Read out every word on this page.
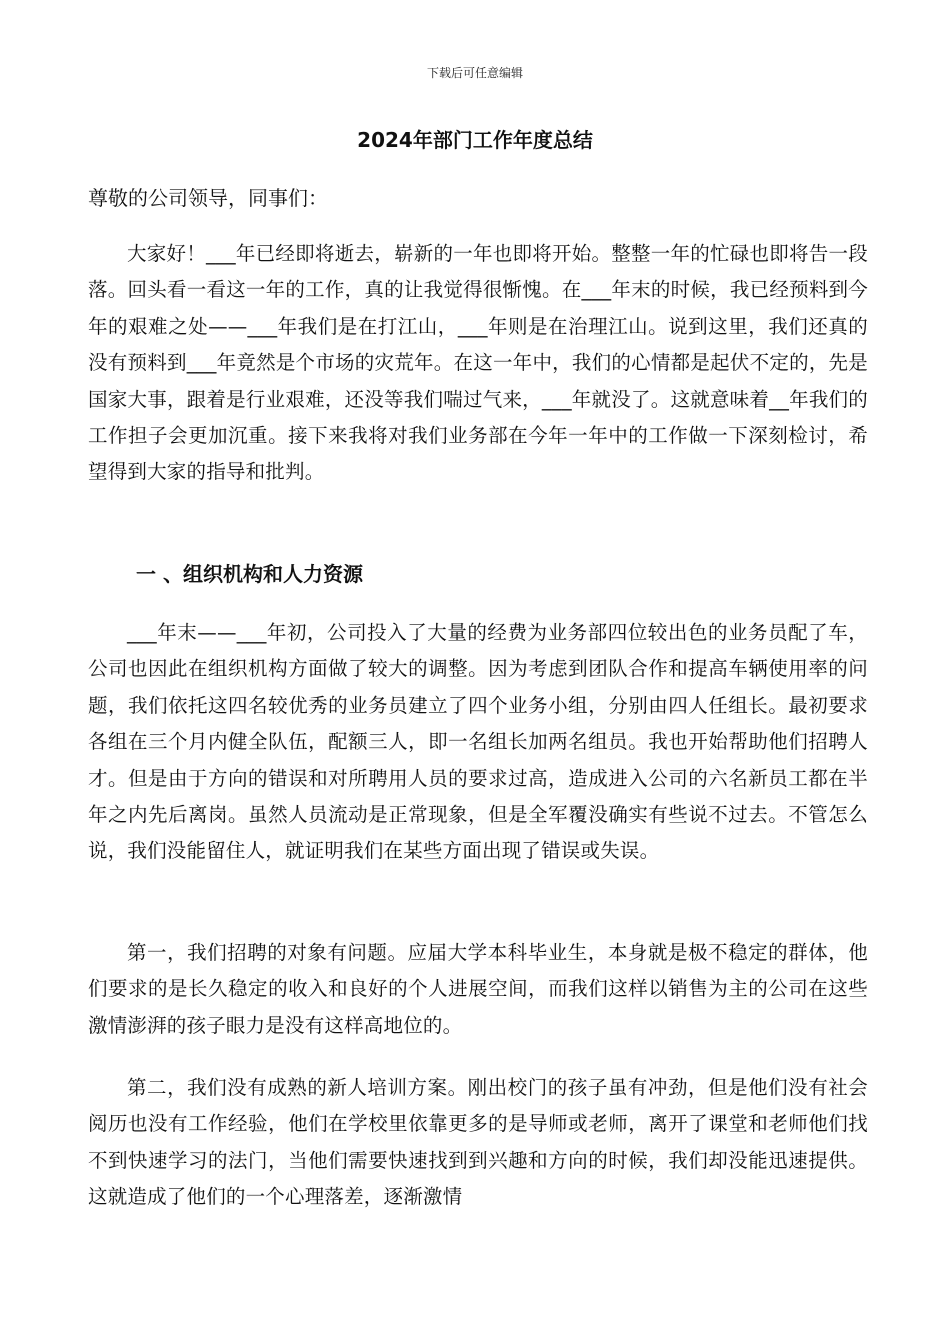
下载后可任意编辑
2024年部门工作年度总结
尊敬的公司领导，同事们：

大家好！___年已经即将逝去，崭新的一年也即将开始。整整一年的忙碌也即将告一段落。回头看一看这一年的工作，真的让我觉得很惭愧。在___年末的时候，我已经预料到今年的艰难之处——___年我们是在打江山，___年则是在治理江山。说到这里，我们还真的没有预料到___年竟然是个市场的灾荒年。在这一年中，我们的心情都是起伏不定的，先是国家大事，跟着是行业艰难，还没等我们喘过气来，___年就没了。这就意味着__年我们的工作担子会更加沉重。接下来我将对我们业务部在今年一年中的工作做一下深刻检讨，希望得到大家的指导和批判。

一 、组织机构和人力资源

___年末——___年初，公司投入了大量的经费为业务部四位较出色的业务员配了车，公司也因此在组织机构方面做了较大的调整。因为考虑到团队合作和提高车辆使用率的问题，我们依托这四名较优秀的业务员建立了四个业务小组，分别由四人任组长。最初要求各组在三个月内健全队伍，配额三人，即一名组长加两名组员。我也开始帮助他们招聘人才。但是由于方向的错误和对所聘用人员的要求过高，造成进入公司的六名新员工都在半年之内先后离岗。虽然人员流动是正常现象，但是全军覆没确实有些说不过去。不管怎么说，我们没能留住人，就证明我们在某些方面出现了错误或失误。

第一，我们招聘的对象有问题。应届大学本科毕业生，本身就是极不稳定的群体，他们要求的是长久稳定的收入和良好的个人进展空间，而我们这样以销售为主的公司在这些激情澎湃的孩子眼力是没有这样高地位的。

第二，我们没有成熟的新人培训方案。刚出校门的孩子虽有冲劲，但是他们没有社会阅历也没有工作经验，他们在学校里依靠更多的是导师或老师，离开了课堂和老师他们找不到快速学习的法门，当他们需要快速找到到兴趣和方向的时候，我们却没能迅速提供。这就造成了他们的一个心理落差，逐渐激情
